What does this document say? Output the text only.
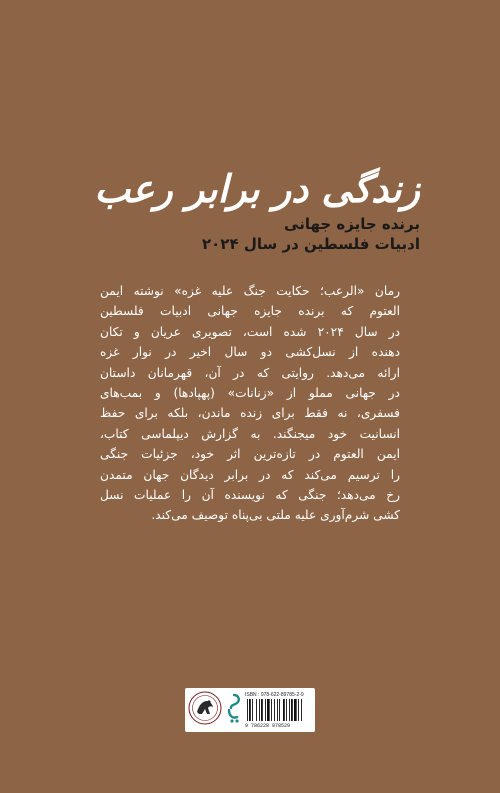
زندگی در برابر رعب
برنده جایزه جهانی
ادبیات فلسطین در سال ۲۰۲۴
رمان «الرعب؛ حکایت جنگ علیه غزه» نوشته ایمن
العتوم که برنده جایزه جهانی ادبیات فلسطین
در سال ۲۰۲۴ شده است، تصویری عریان و تکان
دهنده از نسل‌کشی دو سال اخیر در نوار غزه
ارائه می‌دهد. روایتی که در آن، قهرمانان داستان
در جهانی مملو از «زنانات» (پهپادها) و بمب‌های
فسفری، نه فقط برای زنده ماندن، بلکه برای حفظ
انسانیت خود میجنگند. به گزارش دیپلماسی کتاب،
ایمن العتوم در تازه‌ترین اثر خود، جزئیات جنگی
را ترسیم می‌کند که در برابر دیدگان جهان متمدن
رخ می‌دهد؛ جنگی که نویسنده آن را عملیات نسل
کشی شرم‌آوری علیه ملتی بی‌پناه توصیف می‌کند.
ISBN : 978-622-89785-2-9
9 786228 978529
